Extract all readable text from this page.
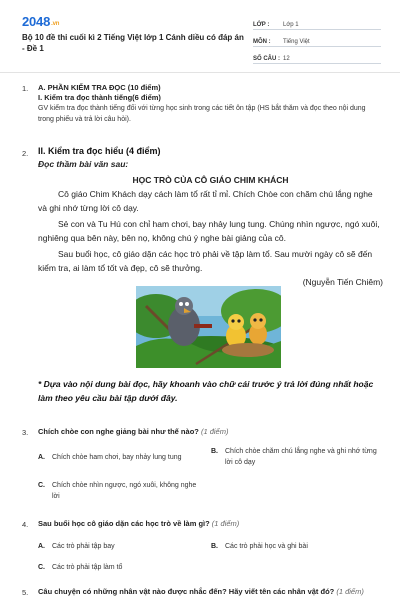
2048.vn
Bộ 10 đề thi cuối kì 2 Tiếng Việt lớp 1 Cánh diều có đáp án - Đề 1
LỚP :	Lớp 1
MÔN :	Tiếng Việt
SỐ CÂU : 12
1. A. PHẦN KIỂM TRA ĐỌC (10 điểm)
I. Kiểm tra đọc thành tiếng(6 điểm)
GV kiểm tra đọc thành tiếng đối với từng học sinh trong các tiết ôn tập (HS bắt thăm và đọc theo nội dung trong phiếu và trả lời câu hỏi).
2. II. Kiểm tra đọc hiểu (4 điểm)
Đọc thầm bài văn sau:
HỌC TRÒ CỦA CÔ GIÁO CHIM KHÁCH
Cô giáo Chim Khách dạy cách làm tổ rất tỉ mỉ. Chích Chòe con chăm chú lắng nghe và ghi nhớ từng lời cô dạy.
Sẻ con và Tu Hú con chỉ ham chơi, bay nhảy lung tung. Chúng nhìn ngược, ngó xuôi, nghiêng qua bên này, bên nọ, không chú ý nghe bài giảng của cô.
Sau buổi học, cô giáo dặn các học trò phải về tập làm tổ. Sau mười ngày cô sẽ đến kiểm tra, ai làm tổ tốt và đẹp, cô sẽ thưởng.
(Nguyễn Tiến Chiêm)
* Dựa vào nội dung bài đọc, hãy khoanh vào chữ cái trước ý trả lời đúng nhất hoặc làm theo yêu cầu bài tập dưới đây.
3. Chích chòe con nghe giảng bài như thế nào? (1 điểm)
A.	Chích chòe ham chơi, bay nhảy lung tung
B.	Chích chòe chăm chú lắng nghe và ghi nhớ từng lời cô dạy
C.	Chích chòe nhìn ngược, ngó xuôi, không nghe lời
4. Sau buổi học cô giáo dặn các học trò về làm gì? (1 điểm)
A.	Các trò phải tập bay	B.	Các trò phải học và ghi bài
C.	Các trò phải tập làm tổ
5. Câu chuyện có những nhân vật nào được nhắc đến? Hãy viết tên các nhân vật đó? (1 điểm)
